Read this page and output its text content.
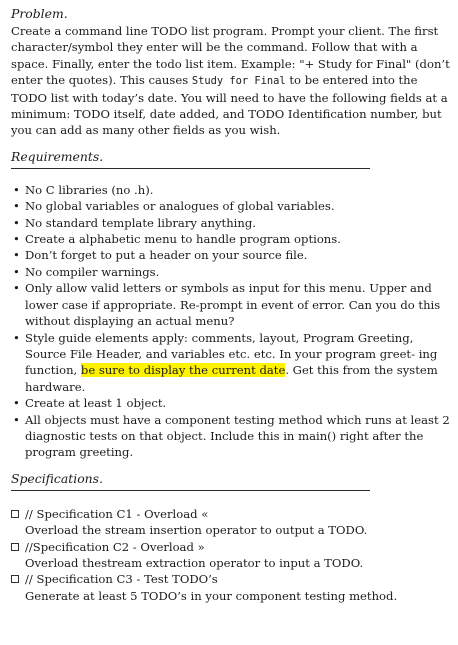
Problem.

Create a command line TODO list program. Prompt your client. The first character/symbol they enter will be the command. Follow that with a space. Finally, enter the todo list item. Example: "+ Study for Final" (don’t enter the quotes). This causes Study for Final to be entered into the TODO list with today’s date. You will need to have the following fields at a minimum: TODO itself, date added, and TODO Identification number, but you can add as many other fields as you wish.

Requirements.

• No C libraries (no .h).
• No global variables or analogues of global variables.
• No standard template library anything.
• Create a alphabetic menu to handle program options.
• Don’t forget to put a header on your source file.
• No compiler warnings.
• Only allow valid letters or symbols as input for this menu. Upper and lower case if appropriate. Re-prompt in event of error. Can you do this without displaying an actual menu?
• Style guide elements apply: comments, layout, Program Greeting, Source File Header, and variables etc. etc. In your program greet- ing function, be sure to display the current date. Get this from the system hardware.
• Create at least 1 object.
• All objects must have a component testing method which runs at least 2 diagnostic tests on that object. Include this in main() right after the program greeting.

Specifications.

// Specification C1 - Overload «
Overload the stream insertion operator to output a TODO.
//Specification C2 - Overload »
Overload thestream extraction operator to input a TODO.
// Specification C3 - Test TODO’s
Generate at least 5 TODO’s in your component testing method.
